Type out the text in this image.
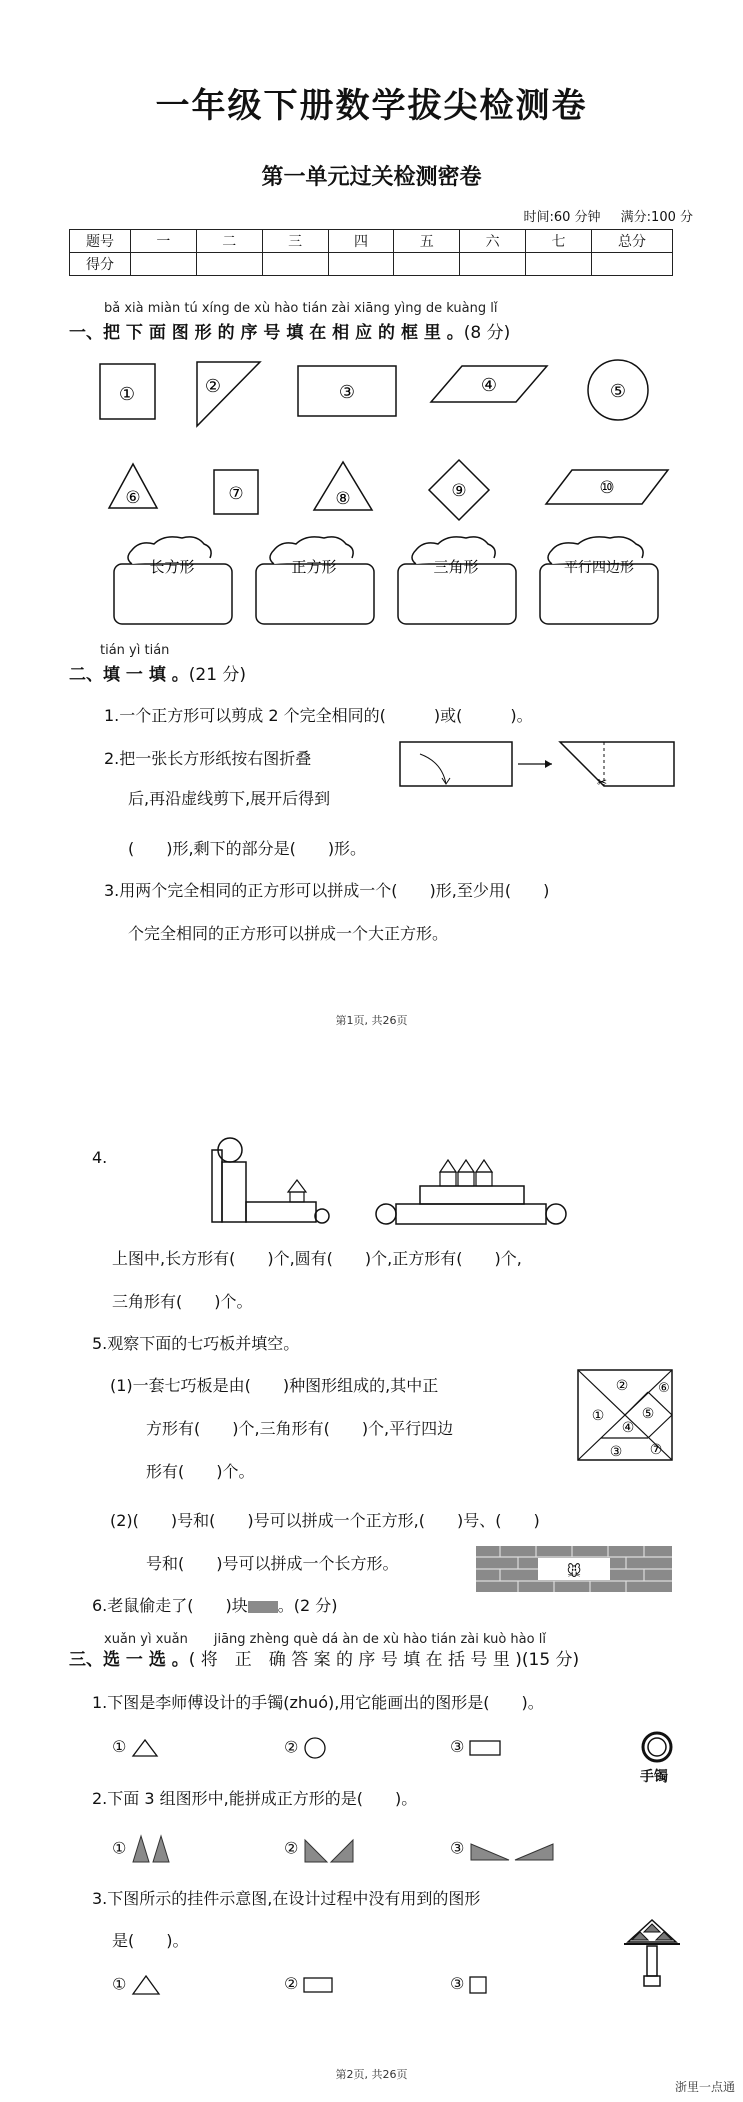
一年级下册数学拔尖检测卷
第一单元过关检测密卷
时间:60 分钟 满分:100 分
题号	一	二	三	四	五	六	七	总分
得分								
bǎ xià miàn tú xíng de xù hào tián zài xiāng yìng de kuàng lǐ
一、把 下 面 图 形 的 序 号 填 在 相 应 的 框 里 。(8 分)
①	②	③	④	⑤
⑥	⑦	⑧	⑨	⑩
长方形	正方形	三角形	平行四边形
tián yì tián
二、填 一 填 。(21 分)
1.一个正方形可以剪成 2 个完全相同的(　　　)或(　　　)。
2.把一张长方形纸按右图折叠
后,再沿虚线剪下,展开后得到
(　　)形,剩下的部分是(　　)形。
✂
3.用两个完全相同的正方形可以拼成一个(　　)形,至少用(　　)
个完全相同的正方形可以拼成一个大正方形。
第1页, 共26页
4.
上图中,长方形有(　　)个,圆有(　　)个,正方形有(　　)个,
三角形有(　　)个。
5.观察下面的七巧板并填空。
(1)一套七巧板是由(　　)种图形组成的,其中正
方形有(　　)个,三角形有(　　)个,平行四边
形有(　　)个。
①
②
③
④
⑤
⑥
⑦
(2)(　　)号和(　　)号可以拼成一个正方形,(　　)号、(　　)
号和(　　)号可以拼成一个长方形。	🐭
6.老鼠偷走了(　　)块 。(2 分)
xuǎn yì xuǎn　　jiāng zhèng què dá àn de xù hào tián zài kuò hào lǐ
三、选 一 选 。( 将　正　确 答 案 的 序 号 填 在 括 号 里 )(15 分)
1.下图是李师傅设计的手镯(zhuó),用它能画出的图形是(　　)。
①	②	③
手镯
2.下面 3 组图形中,能拼成正方形的是(　　)。
①	②	③
3.下图所示的挂件示意图,在设计过程中没有用到的图形
是(　　)。
①	②	③
第2页, 共26页
浙里一点通
